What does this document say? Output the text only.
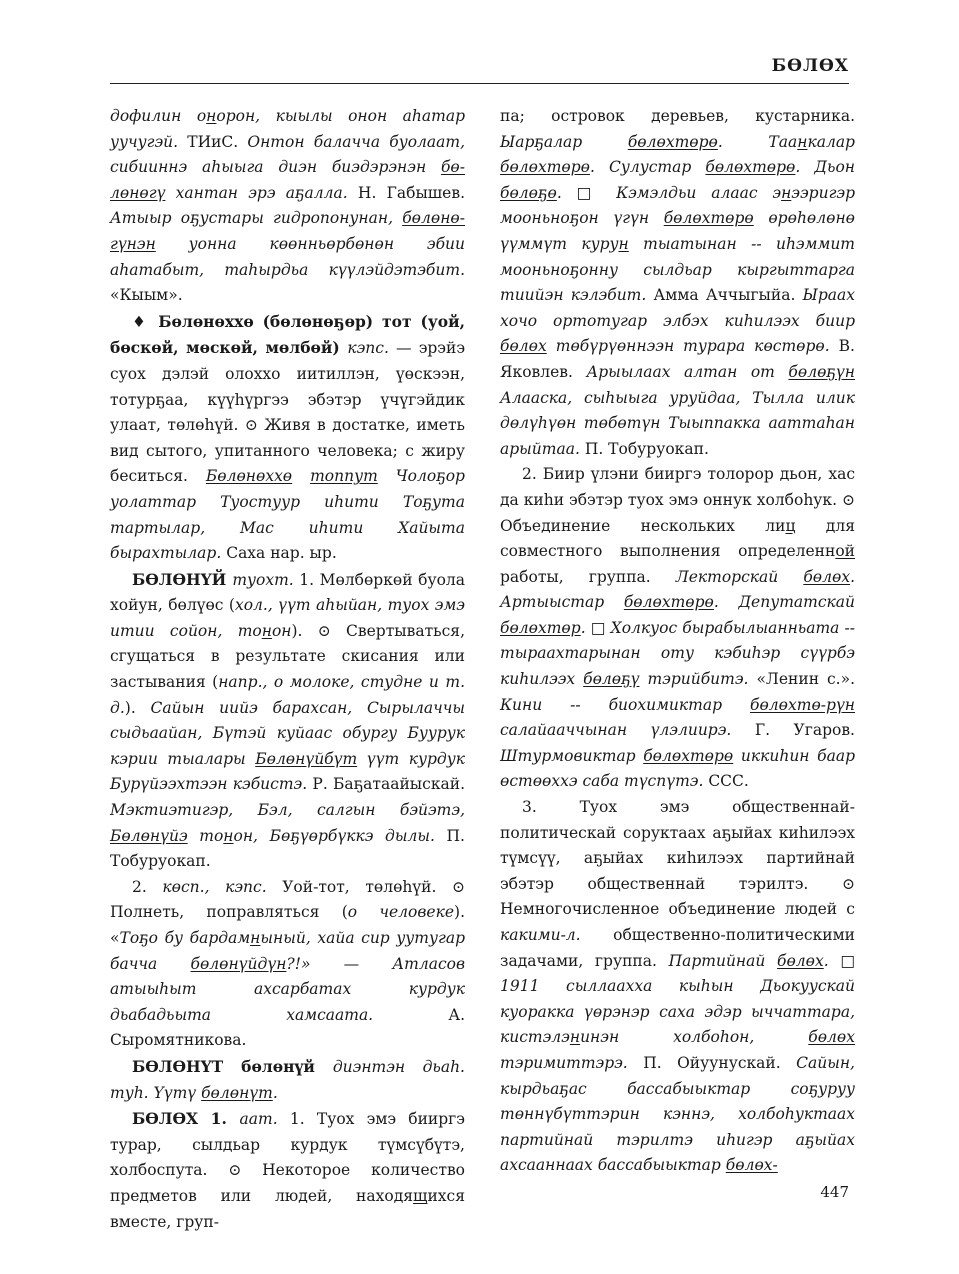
БӨЛӨХ

дофилин онорон, кыылы онон аhатар уучугэй. ТИиС. Онтон балачча буолаат, сибииннэ аһыыга диэн биэдэрэнэн бө-лөнөгү хантан эрэ аҕалла. Н. Габышев. Атыыр оҕустары гидропонунан, бөлөнө-гүнэн уонна көөнньөрбөнөн эбии аһатабыт, таһырдьа күүлэйдэтэбит. «Кыым».

♦ Бөлөнөххө (бөлөнөҕөр) тот (уой, бөскөй, мөскөй, мөлбөй) кэпс. — эрэйэ суох дэлэй олоххо иитиллэн, үөскээн, тотурҕаа, күүһүргээ эбэтэр үчүгэйдик улаат, төлөһүй. ⊙ Живя в достатке, иметь вид сытого, упитанного человека; с жиру беситься. Бөлөнөххө топпут Чолоҕор уолаттар Туостуур иһити Тоҕута тартылар, Мас иһити Хайыта бырахтылар. Саха нар. ыр.

БӨЛӨНҮЙ туохт. 1. Мөлбөркөй буола хойун, бөлүөс (хол., үүт аһыйан, туох эмэ итии сойон, тонон). ⊙ Свертываться, сгущаться в результате скисания или застывания (напр., о молоке, студне и т. д.). Сайын иийэ барахсан, Сырылаччы сыдьаайан, Бүтэй куйаас обургу Буурук кэрии тыалары Бөлөнүйбүт үүт курдук Бурүйээхтээн кэбистэ. Р. Баҕатаайыскай. Мэктиэтигэр, Бэл, салгын бэйэтэ, Бөлөнүйэ тонон, Бөҕүөрбүккэ дылы. П. Тобуруокап.

2. көсп., кэпс. Уой-тот, төлөһүй. ⊙ Полнеть, поправляться (о человеке). «Тоҕо бу бардамныный, хайа сир уутугар бачча бөлөнүйдүн?!» — Атласов атыыһыт ахсарбатах курдук дьабадьыта хамсаата. А. Сыромятникова.

БӨЛӨНҮТ бөлөнүй диэнтэн дьаһ. туһ. Үүтү бөлөнүт.

БӨЛӨХ 1. аат. 1. Туох эмэ бииргэ турар, сылдьар курдук түмсүбүтэ, холбоспута. ⊙ Некоторое количество предметов или людей, находящихся вместе, груп-

па; островок деревьев, кустарника. Ыарҕалар бөлөхтөрө. Таанкалар бөлөхтөрө. Сулустар бөлөхтөрө. Дьон бөлөҕө. □ Кэмэлдьи алаас энээригэр мооньноҕон үгүн бөлөхтөрө өрөһөлөнө үүммүт курун тыатынан -- иһэммит мооньноҕонну сылдьар кыргыттарга тиийэн кэлэбит. Амма Аччыгыйа. Ыраах хочо ортотугар элбэх киһилээх биир бөлөх төбүрүөннээн турара көстөрө. В. Яковлев. Арыылаах алтан от бөлөҕүн Алааска, сыһыыга уруйдаа, Тылла илик дөлүһүөн төбөтүн Тыыппакка ааттаһан арыйтаа. П. Тобуруокап.

2. Биир үлэни бииргэ толорор дьон, хас да киһи эбэтэр туох эмэ оннук холбоһук. ⊙ Объединение нескольких лиц для совместного выполнения определенной работы, группа. Лекторскай бөлөх. Артыыстар бөлөхтөрө. Депутатскай бөлөхтөр. □ Холкуос бырабылыанньата -- тыраахтарынан оту кэбиһэр сүүрбэ киһилээх бөлөҕү тэрийбитэ. «Ленин с.». Кини -- биохимиктар бөлөхтө-рүн салайааччынан үлэлиирэ. Г. Угаров. Штурмовиктар бөлөхтөрө иккиһин баар өстөөххэ саба түспүтэ. ССС.

3. Туох эмэ общественнай-политическай соруктаах аҕыйах киһилээх түмсүү, аҕыйах киһилээх партийнай эбэтэр общественнай тэрилтэ. ⊙ Немногочисленное объединение людей с какими-л. общественно-политическими задачами, группа. Партийнай бөлөх. □ 1911 сыллаахха кыһын Дьокуускай куоракка үөрэнэр саха эдэр ыччаттара, кистэлэнинэн холбоһон, бөлөх тэримиттэрэ. П. Ойуунускай. Сайын, кырдьаҕас бассабыыктар соҕуруу төннүбүттэрин кэннэ, холбоһуктаах партийнай тэрилтэ иһигэр аҕыйах ахсааннаах бассабыыктар бөлөх-

447
